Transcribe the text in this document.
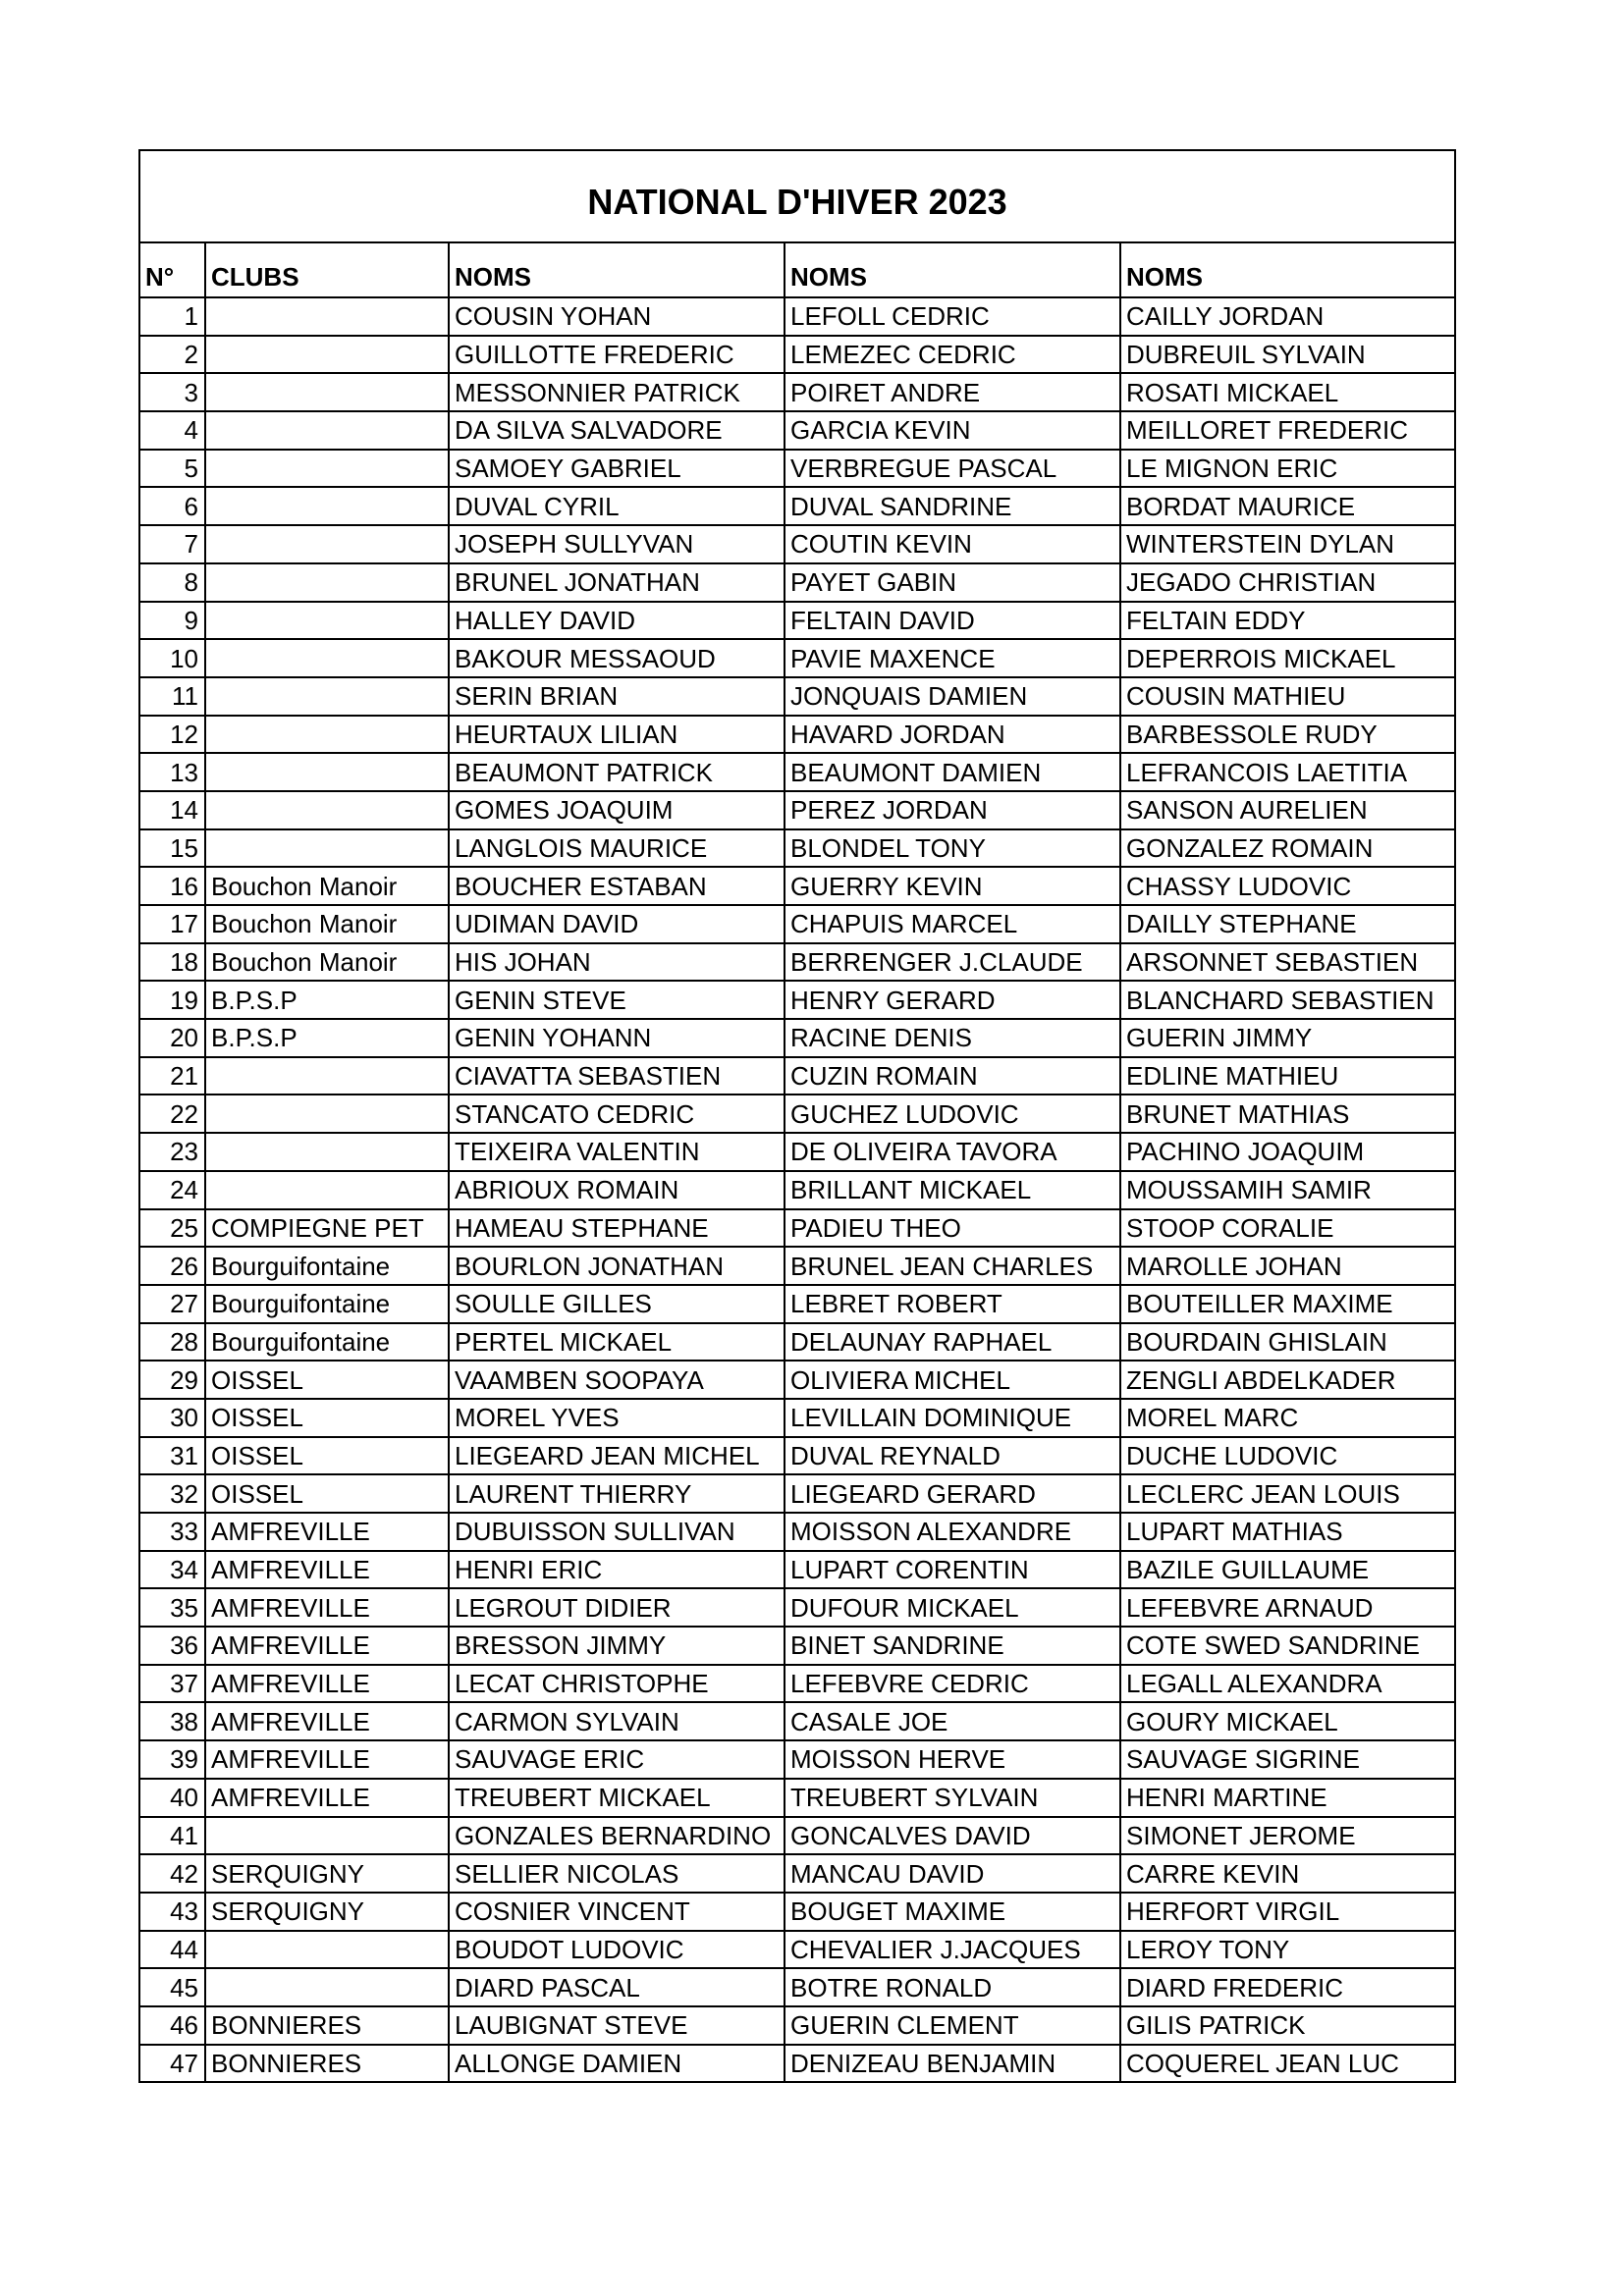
NATIONAL D'HIVER 2023				
N°	CLUBS	NOMS	NOMS	NOMS
1		COUSIN YOHAN	LEFOLL CEDRIC	CAILLY JORDAN
2		GUILLOTTE FREDERIC	LEMEZEC CEDRIC	DUBREUIL SYLVAIN
3		MESSONNIER PATRICK	POIRET ANDRE	ROSATI MICKAEL
4		DA SILVA SALVADORE	GARCIA KEVIN	MEILLORET FREDERIC
5		SAMOEY GABRIEL	VERBREGUE PASCAL	LE MIGNON ERIC
6		DUVAL CYRIL	DUVAL SANDRINE	BORDAT MAURICE
7		JOSEPH SULLYVAN	COUTIN KEVIN	WINTERSTEIN DYLAN
8		BRUNEL JONATHAN	PAYET GABIN	JEGADO CHRISTIAN
9		HALLEY DAVID	FELTAIN DAVID	FELTAIN EDDY
10		BAKOUR MESSAOUD	PAVIE MAXENCE	DEPERROIS MICKAEL
11		SERIN BRIAN	JONQUAIS DAMIEN	COUSIN MATHIEU
12		HEURTAUX LILIAN	HAVARD JORDAN	BARBESSOLE RUDY
13		BEAUMONT PATRICK	BEAUMONT DAMIEN	LEFRANCOIS LAETITIA
14		GOMES JOAQUIM	PEREZ JORDAN	SANSON AURELIEN
15		LANGLOIS MAURICE	BLONDEL TONY	GONZALEZ ROMAIN
16	Bouchon Manoir	BOUCHER ESTABAN	GUERRY KEVIN	CHASSY LUDOVIC
17	Bouchon Manoir	UDIMAN DAVID	CHAPUIS MARCEL	DAILLY STEPHANE
18	Bouchon Manoir	HIS JOHAN	BERRENGER J.CLAUDE	ARSONNET SEBASTIEN
19	B.P.S.P	GENIN STEVE	HENRY GERARD	BLANCHARD SEBASTIEN
20	B.P.S.P	GENIN YOHANN	RACINE DENIS	GUERIN JIMMY
21		CIAVATTA SEBASTIEN	CUZIN ROMAIN	EDLINE MATHIEU
22		STANCATO CEDRIC	GUCHEZ LUDOVIC	BRUNET MATHIAS
23		TEIXEIRA VALENTIN	DE OLIVEIRA TAVORA	PACHINO JOAQUIM
24		ABRIOUX ROMAIN	BRILLANT MICKAEL	MOUSSAMIH SAMIR
25	COMPIEGNE PET	HAMEAU STEPHANE	PADIEU THEO	STOOP CORALIE
26	Bourguifontaine	BOURLON JONATHAN	BRUNEL JEAN CHARLES	MAROLLE JOHAN
27	Bourguifontaine	SOULLE GILLES	LEBRET ROBERT	BOUTEILLER MAXIME
28	Bourguifontaine	PERTEL MICKAEL	DELAUNAY RAPHAEL	BOURDAIN GHISLAIN
29	OISSEL	VAAMBEN SOOPAYA	OLIVIERA MICHEL	ZENGLI ABDELKADER
30	OISSEL	MOREL YVES	LEVILLAIN DOMINIQUE	MOREL MARC
31	OISSEL	LIEGEARD JEAN MICHEL	DUVAL REYNALD	DUCHE LUDOVIC
32	OISSEL	LAURENT THIERRY	LIEGEARD GERARD	LECLERC JEAN LOUIS
33	AMFREVILLE	DUBUISSON SULLIVAN	MOISSON ALEXANDRE	LUPART MATHIAS
34	AMFREVILLE	HENRI ERIC	LUPART CORENTIN	BAZILE GUILLAUME
35	AMFREVILLE	LEGROUT DIDIER	DUFOUR MICKAEL	LEFEBVRE ARNAUD
36	AMFREVILLE	BRESSON JIMMY	BINET SANDRINE	COTE SWED SANDRINE
37	AMFREVILLE	LECAT CHRISTOPHE	LEFEBVRE CEDRIC	LEGALL ALEXANDRA
38	AMFREVILLE	CARMON SYLVAIN	CASALE JOE	GOURY MICKAEL
39	AMFREVILLE	SAUVAGE ERIC	MOISSON HERVE	SAUVAGE SIGRINE
40	AMFREVILLE	TREUBERT MICKAEL	TREUBERT SYLVAIN	HENRI MARTINE
41		GONZALES BERNARDINO	GONCALVES DAVID	SIMONET JEROME
42	SERQUIGNY	SELLIER NICOLAS	MANCAU DAVID	CARRE KEVIN
43	SERQUIGNY	COSNIER VINCENT	BOUGET MAXIME	HERFORT VIRGIL
44		BOUDOT LUDOVIC	CHEVALIER J.JACQUES	LEROY TONY
45		DIARD PASCAL	BOTRE RONALD	DIARD FREDERIC
46	BONNIERES	LAUBIGNAT STEVE	GUERIN CLEMENT	GILIS PATRICK
47	BONNIERES	ALLONGE DAMIEN	DENIZEAU BENJAMIN	COQUEREL JEAN LUC
